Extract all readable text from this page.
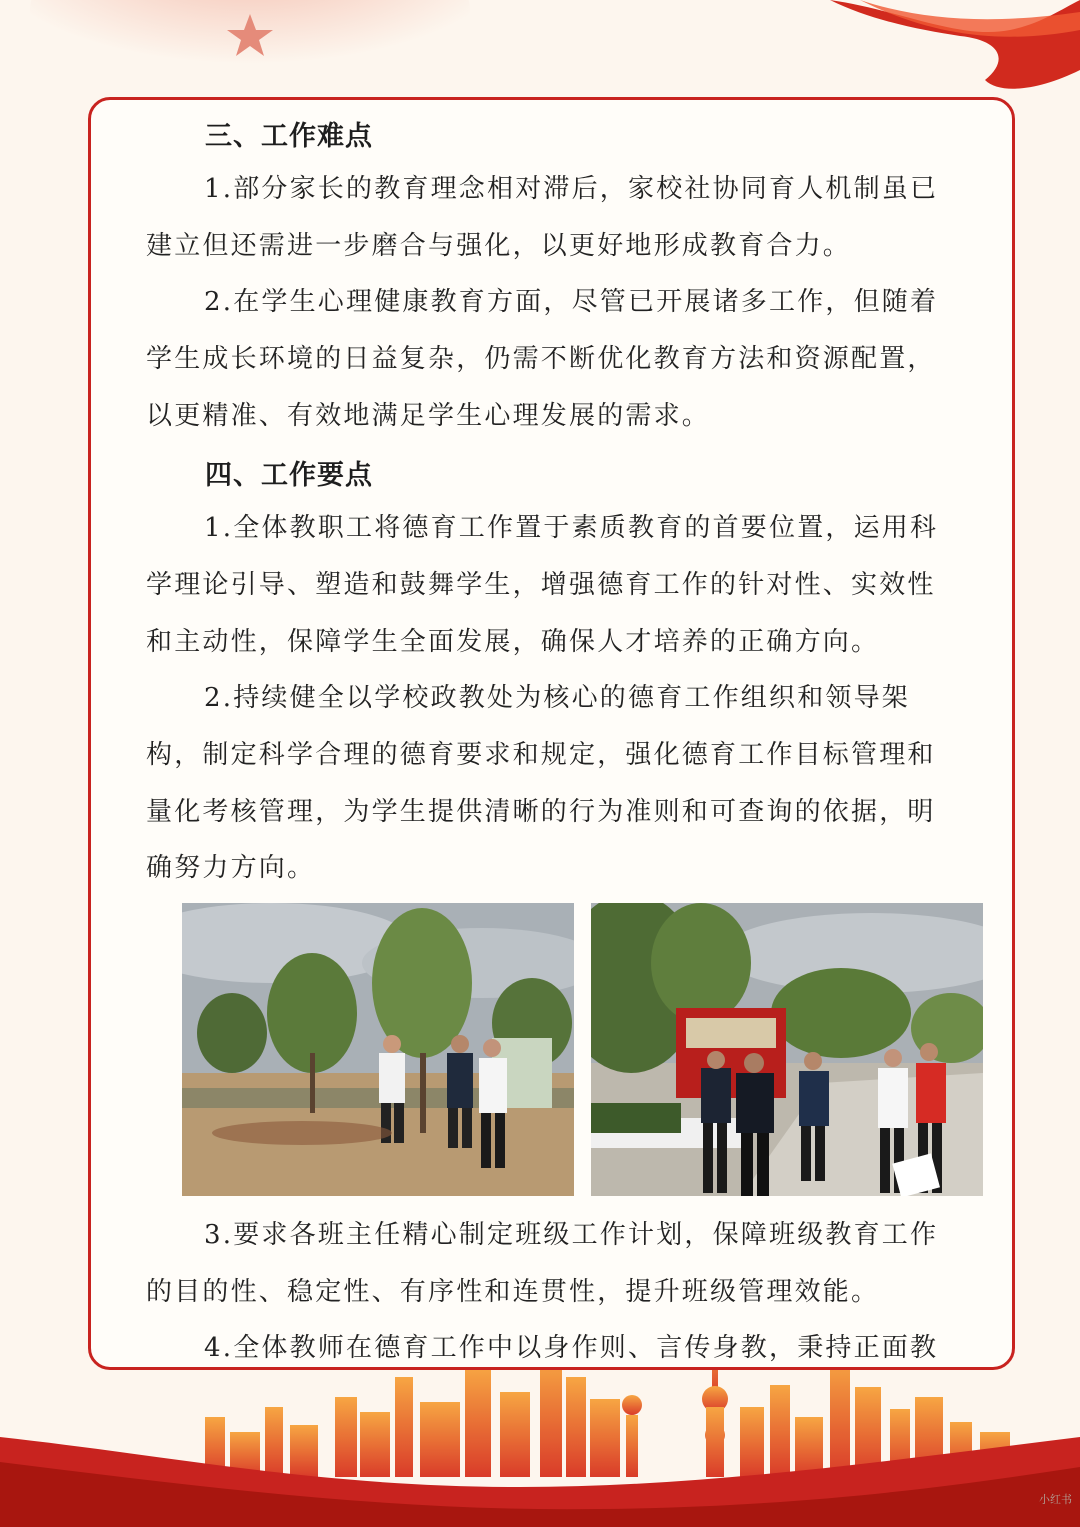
三、工作难点
1.部分家长的教育理念相对滞后，家校社协同育人机制虽已
建立但还需进一步磨合与强化，以更好地形成教育合力。
2.在学生心理健康教育方面，尽管已开展诸多工作，但随着
学生成长环境的日益复杂，仍需不断优化教育方法和资源配置，
以更精准、有效地满足学生心理发展的需求。
四、工作要点
1.全体教职工将德育工作置于素质教育的首要位置，运用科
学理论引导、塑造和鼓舞学生，增强德育工作的针对性、实效性
和主动性，保障学生全面发展，确保人才培养的正确方向。
2.持续健全以学校政教处为核心的德育工作组织和领导架
构，制定科学合理的德育要求和规定，强化德育工作目标管理和
量化考核管理，为学生提供清晰的行为准则和可查询的依据，明
确努力方向。
3.要求各班主任精心制定班级工作计划，保障班级教育工作
的目的性、稳定性、有序性和连贯性，提升班级管理效能。
4.全体教师在德育工作中以身作则、言传身教，秉持正面教
小红书
